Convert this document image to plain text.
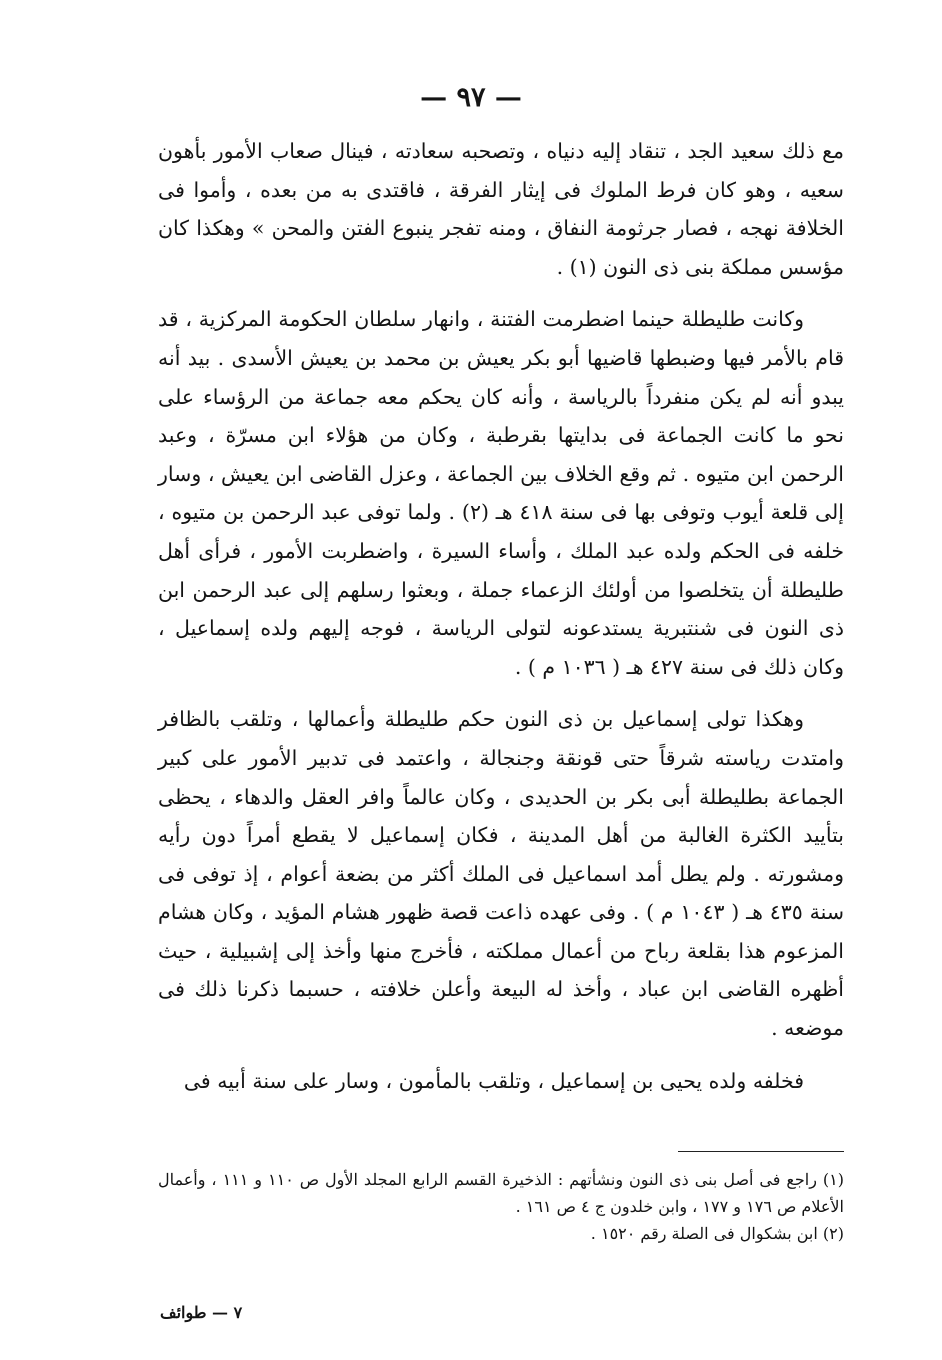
— ٩٧ —

مع ذلك سعيد الجد ، تنقاد إليه دنياه ، وتصحبه سعادته ، فينال صعاب الأمور بأهون سعيه ، وهو كان فرط الملوك فى إيثار الفرقة ، فاقتدى به من بعده ، وأموا فى الخلافة نهجه ، فصار جرثومة النفاق ، ومنه تفجر ينبوع الفتن والمحن » وهكذا كان مؤسس مملكة بنى ذى النون (١) .

وكانت طليطلة حينما اضطرمت الفتنة ، وانهار سلطان الحكومة المركزية ، قد قام بالأمر فيها وضبطها قاضيها أبو بكر يعيش بن محمد بن يعيش الأسدى . بيد أنه يبدو أنه لم يكن منفرداً بالرياسة ، وأنه كان يحكم معه جماعة من الرؤساء على نحو ما كانت الجماعة فى بدايتها بقرطبة ، وكان من هؤلاء ابن مسرّة ، وعبد الرحمن ابن متيوه . ثم وقع الخلاف بين الجماعة ، وعزل القاضى ابن يعيش ، وسار إلى قلعة أيوب وتوفى بها فى سنة ٤١٨ هـ (٢) . ولما توفى عبد الرحمن بن متيوه ، خلفه فى الحكم ولده عبد الملك ، وأساء السيرة ، واضطربت الأمور ، فرأى أهل طليطلة أن يتخلصوا من أولئك الزعماء جملة ، وبعثوا رسلهم إلى عبد الرحمن ابن ذى النون فى شنتبرية يستدعونه لتولى الرياسة ، فوجه إليهم ولده إسماعيل ، وكان ذلك فى سنة ٤٢٧ هـ ( ١٠٣٦ م ) .

وهكذا تولى إسماعيل بن ذى النون حكم طليطلة وأعمالها ، وتلقب بالظافر وامتدت رياسته شرقاً حتى قونقة وجنجالة ، واعتمد فى تدبير الأمور على كبير الجماعة بطليطلة أبى بكر بن الحديدى ، وكان عالماً وافر العقل والدهاء ، يحظى بتأييد الكثرة الغالبة من أهل المدينة ، فكان إسماعيل لا يقطع أمراً دون رأيه ومشورته . ولم يطل أمد اسماعيل فى الملك أكثر من بضعة أعوام ، إذ توفى فى سنة ٤٣٥ هـ ( ١٠٤٣ م ) . وفى عهده ذاعت قصة ظهور هشام المؤيد ، وكان هشام المزعوم هذا بقلعة رباح من أعمال مملكته ، فأخرج منها وأخذ إلى إشبيلية ، حيث أظهره القاضى ابن عباد ، وأخذ له البيعة وأعلن خلافته ، حسبما ذكرنا ذلك فى موضعه .

فخلفه ولده يحيى بن إسماعيل ، وتلقب بالمأمون ، وسار على سنة أبيه فى

(١) راجع فى أصل بنى ذى النون ونشأتهم : الذخيرة القسم الرابع المجلد الأول ص ١١٠ و ١١١ ، وأعمال الأعلام ص ١٧٦ و ١٧٧ ، وابن خلدون ج ٤ ص ١٦١ .

(٢) ابن بشكوال فى الصلة رقم ١٥٢٠ .

٧ — طوائف
